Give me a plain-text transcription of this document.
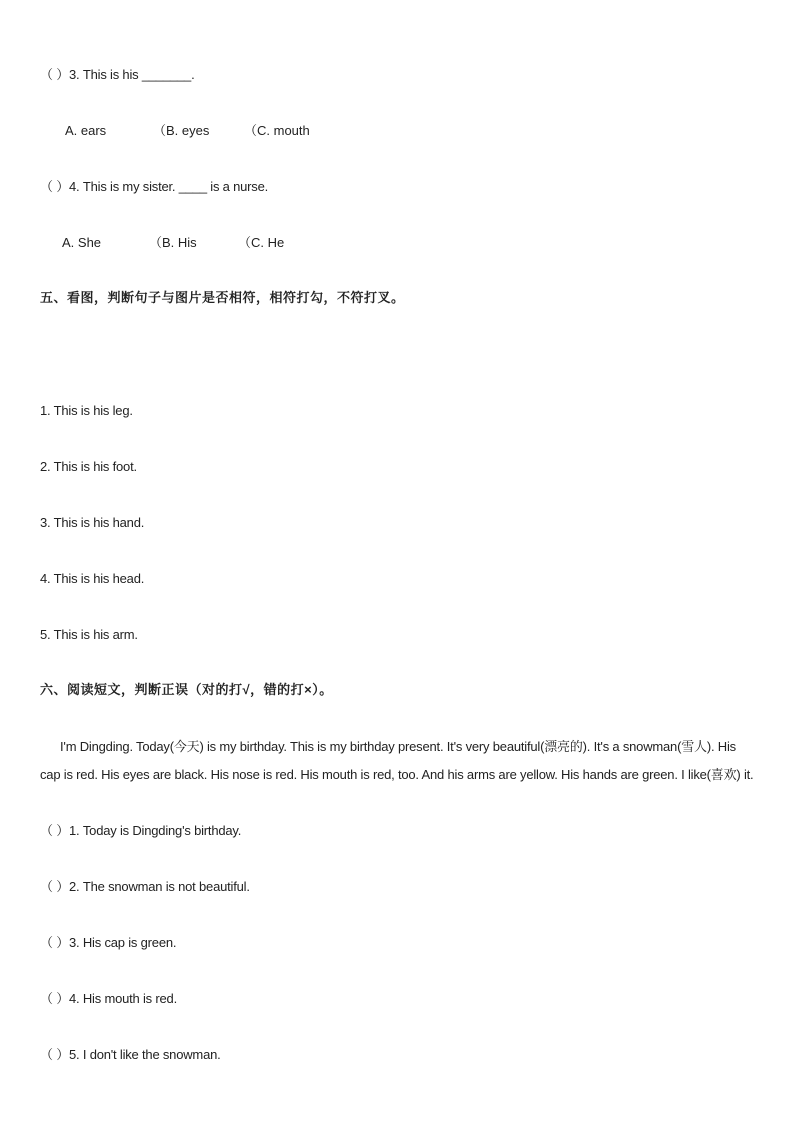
（ ）3. This is his _______.
A. ears	（B. eyes	（C. mouth
（ ）4. This is my sister. ____ is a nurse.
A. She	（B. His	（C. He
五、看图，判断句子与图片是否相符，相符打勾，不符打叉。
1. This is his leg.
2. This is his foot.
3. This is his hand.
4. This is his head.
5. This is his arm.
六、阅读短文，判断正误（对的打√，错的打×）。
I'm Dingding. Today(今天) is my birthday. This is my birthday present. It's very beautiful(漂亮的). It's a snowman(雪人). His cap is red. His eyes are black. His nose is red. His mouth is red, too. And his arms are yellow. His hands are green. I like(喜欢) it.
（ ）1. Today is Dingding's birthday.
（ ）2. The snowman is not beautiful.
（ ）3. His cap is green.
（ ）4. His mouth is red.
（ ）5. I don't like the snowman.
